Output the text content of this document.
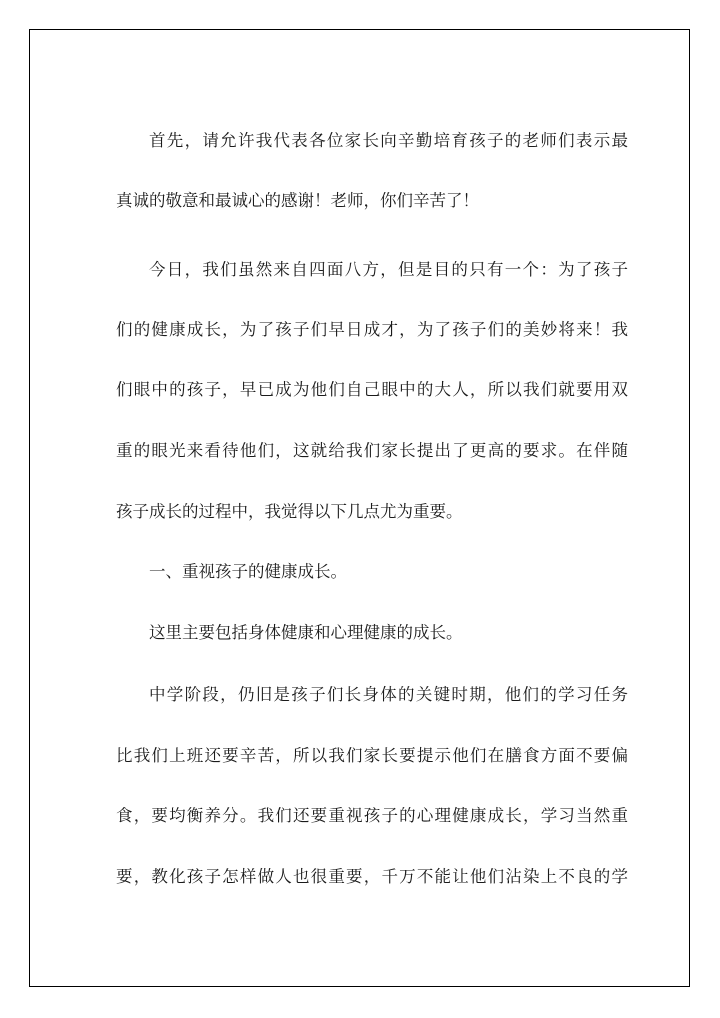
首先，请允许我代表各位家长向辛勤培育孩子的老师们表示最
真诚的敬意和最诚心的感谢！老师，你们辛苦了！
今日，我们虽然来自四面八方，但是目的只有一个：为了孩子
们的健康成长，为了孩子们早日成才，为了孩子们的美妙将来！我
们眼中的孩子，早已成为他们自己眼中的大人，所以我们就要用双
重的眼光来看待他们，这就给我们家长提出了更高的要求。在伴随
孩子成长的过程中，我觉得以下几点尤为重要。
一、重视孩子的健康成长。
这里主要包括身体健康和心理健康的成长。
中学阶段，仍旧是孩子们长身体的关键时期，他们的学习任务
比我们上班还要辛苦，所以我们家长要提示他们在膳食方面不要偏
食，要均衡养分。我们还要重视孩子的心理健康成长，学习当然重
要，教化孩子怎样做人也很重要，千万不能让他们沾染上不良的学
